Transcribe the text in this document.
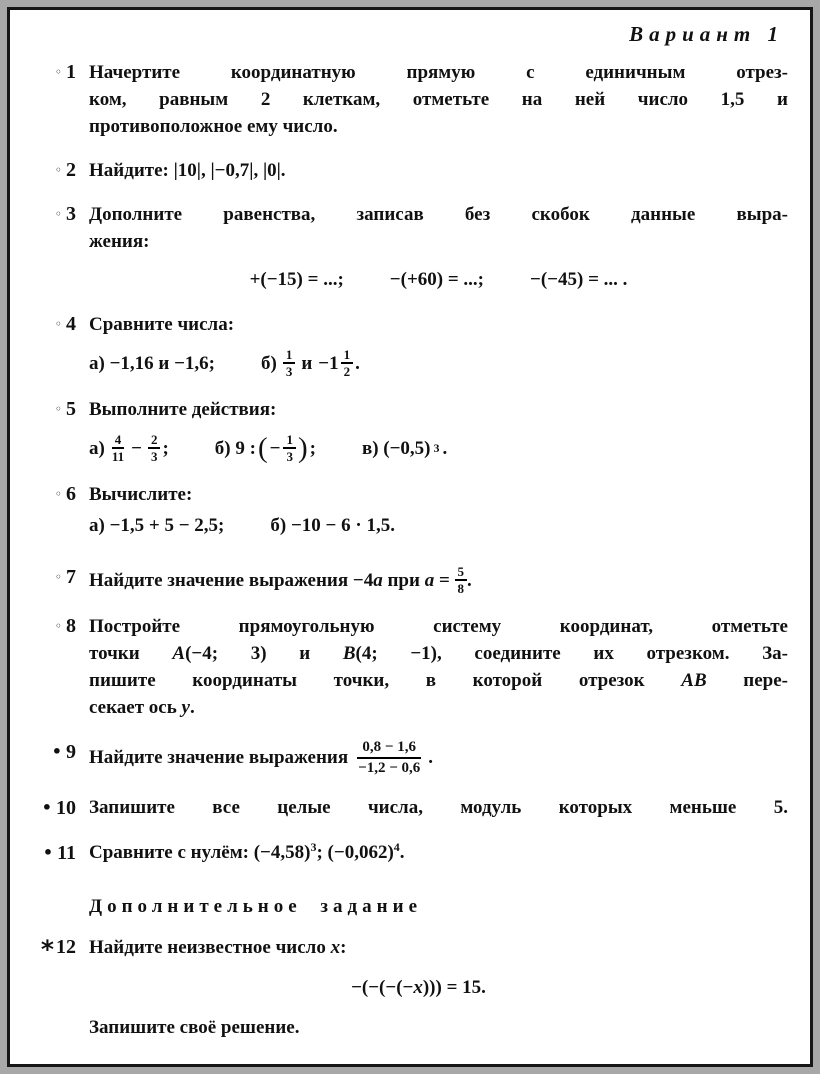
Вариант 1
◦ 1 Начертите координатную прямую с единичным отрез-
ком, равным 2 клеткам, отметьте на ней число 1,5 и
противоположное ему число.
◦ 2 Найдите: |10|, |−0,7|, |0|.
◦ 3 Дополните равенства, записав без скобок данные выра-
жения:
+(−15) = ...; −(+60) = ...; −(−45) = ... .
◦ 4 Сравните числа:
а) −1,16 и −1,6; $б) \frac{1}{3}$ $и -1 \frac{1}{2}$ .
◦ 5 Выполните действия:
$а) \frac{4}{11} - \frac{2}{3}$ ; б) 9 : ( − $\frac{1}{3}$ ) ; в) (−0,5) 3 .
◦ 6 Вычислите:
а) −1,5 + 5 − 2,5; б) −10 − 6 · 1,5.
◦ 7 Найдите значение выражения −4 a при $a = \frac{5}{8}$ .
◦ 8 Постройте прямоугольную систему координат, отметьте
точки A(−4; 3) и B(4; −1), соедините их отрезком. За-
пишите координаты точки, в которой отрезок AB пере-
секает ось y.
• 9 Найдите значение выражения $\frac{0,8 - 1,6}{-1,2 - 0,6}$ .
• 10 Запишите все целые числа, модуль которых меньше 5.
• 11 Сравните с нулём: $(-4,58)^3$; $(-0,062)^4$.
Дополнительное задание
* 12 Найдите неизвестное число x:
−(−(−(−x))) = 15.
Запишите своё решение.
